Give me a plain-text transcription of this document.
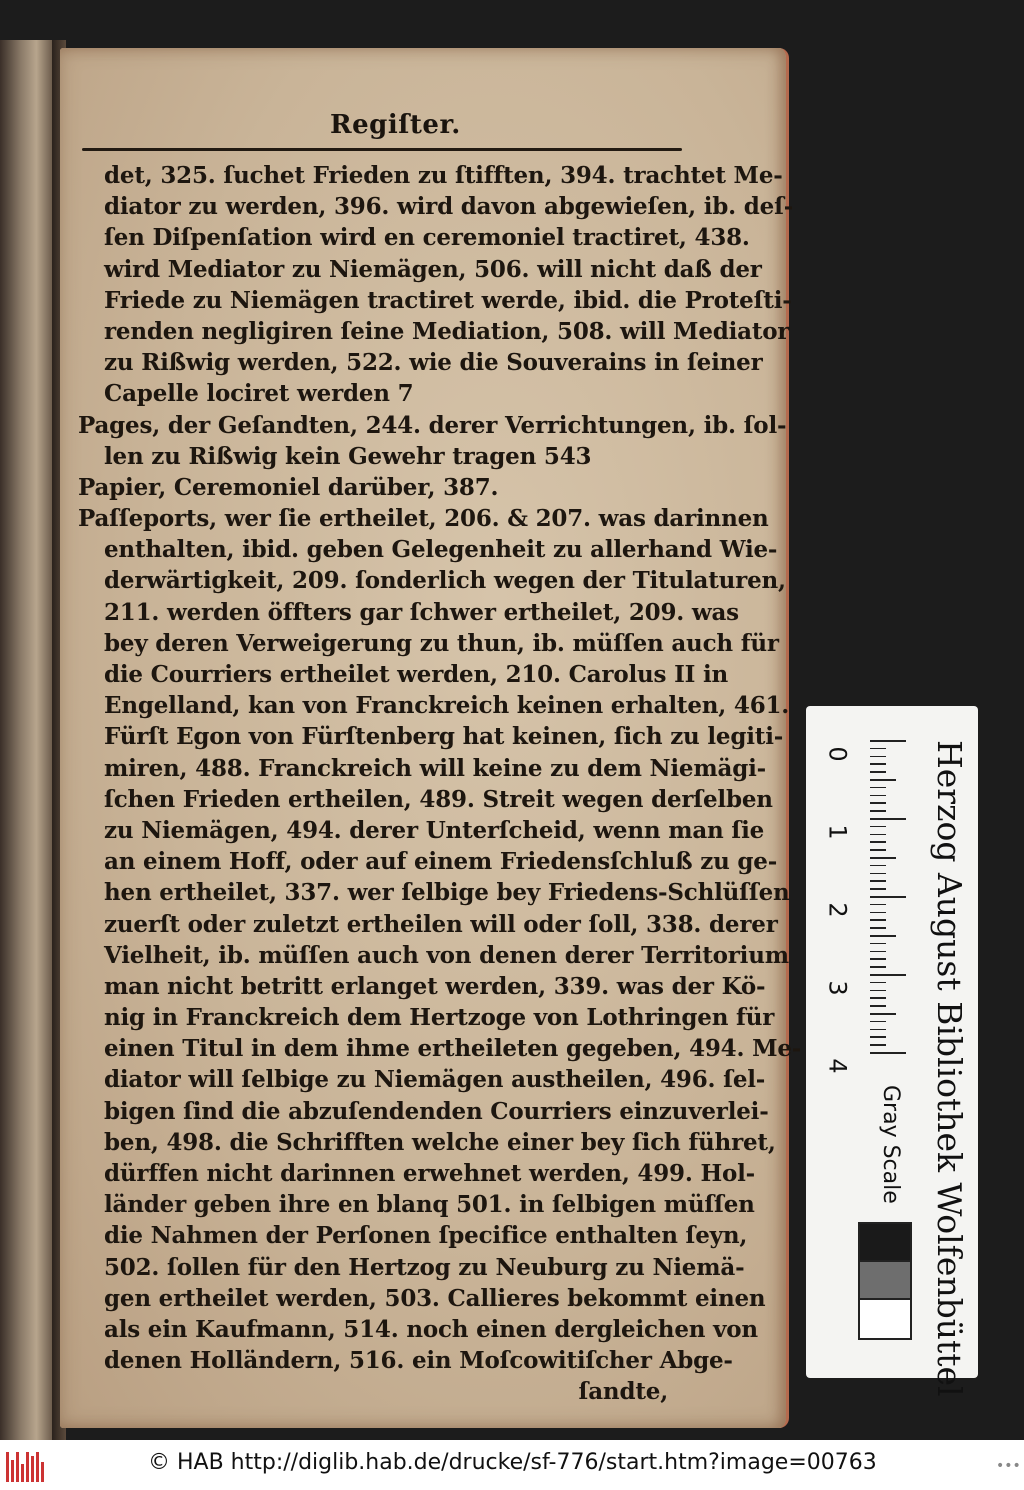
Regiſter.
det, 325. ſuchet Frieden zu ſtifften, 394. trachtet Me-
diator zu werden, 396. wird davon abgewieſen, ib. deſ-
ſen Diſpenſation wird en ceremoniel tractiret, 438.
wird Mediator zu Niemägen, 506. will nicht daß der
Friede zu Niemägen tractiret werde, ibid. die Proteſti-
renden negligiren ſeine Mediation, 508. will Mediator
zu Rißwig werden, 522. wie die Souverains in ſeiner
Capelle lociret werden 7
Pages, der Geſandten, 244. derer Verrichtungen, ib. ſol-
len zu Rißwig kein Gewehr tragen 543
Papier, Ceremoniel darüber, 387.
Paſſeports, wer ſie ertheilet, 206. & 207. was darinnen
enthalten, ibid. geben Gelegenheit zu allerhand Wie-
derwärtigkeit, 209. ſonderlich wegen der Titulaturen,
211. werden öffters gar ſchwer ertheilet, 209. was
bey deren Verweigerung zu thun, ib. müſſen auch für
die Courriers ertheilet werden, 210. Carolus II in
Engelland, kan von Franckreich keinen erhalten, 461.
Fürſt Egon von Fürſtenberg hat keinen, ſich zu legiti-
miren, 488. Franckreich will keine zu dem Niemägi-
ſchen Frieden ertheilen, 489. Streit wegen derſelben
zu Niemägen, 494. derer Unterſcheid, wenn man ſie
an einem Hoff, oder auf einem Friedensſchluß zu ge-
hen ertheilet, 337. wer ſelbige bey Friedens-Schlüſſen
zuerſt oder zuletzt ertheilen will oder ſoll, 338. derer
Vielheit, ib. müſſen auch von denen derer Territorium
man nicht betritt erlanget werden, 339. was der Kö-
nig in Franckreich dem Hertzoge von Lothringen für
einen Titul in dem ihme ertheileten gegeben, 494. Me-
diator will ſelbige zu Niemägen austheilen, 496. ſel-
bigen ſind die abzuſendenden Courriers einzuverlei-
ben, 498. die Schrifften welche einer bey ſich führet,
dürffen nicht darinnen erwehnet werden, 499. Hol-
länder geben ihre en blanq 501. in ſelbigen müſſen
die Nahmen der Perſonen ſpecifice enthalten ſeyn,
502. ſollen für den Hertzog zu Neuburg zu Niemä-
gen ertheilet werden, 503. Callieres bekommt einen
als ein Kaufmann, 514. noch einen dergleichen von
denen Holländern, 516. ein Moſcowitiſcher Abge-
ſandte,
0
1
2
3
4 Herzog August Bibliothek Wolfenbüttel
Gray Scale
© HAB http://diglib.hab.de/drucke/sf-776/start.htm?image=00763	•••
